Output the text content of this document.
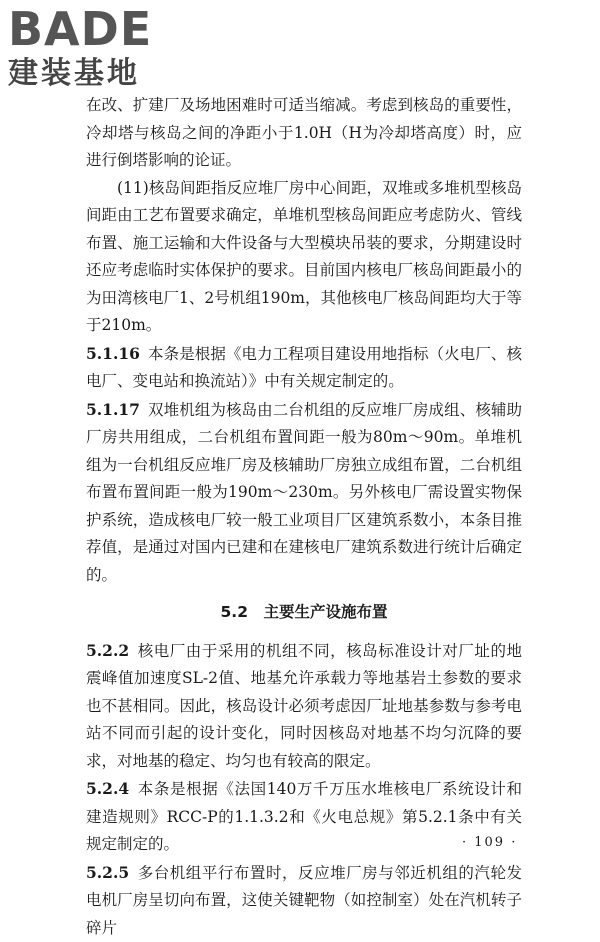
BADE
建装基地

在改、扩建厂及场地困难时可适当缩减。考虑到核岛的重要性，冷却塔与核岛之间的净距小于1.0H（H为冷却塔高度）时，应进行倒塔影响的论证。

(11)核岛间距指反应堆厂房中心间距，双堆或多堆机型核岛间距由工艺布置要求确定，单堆机型核岛间距应考虑防火、管线布置、施工运输和大件设备与大型模块吊装的要求，分期建设时还应考虑临时实体保护的要求。目前国内核电厂核岛间距最小的为田湾核电厂1、2号机组190m，其他核电厂核岛间距均大于等于210m。

5.1.16 本条是根据《电力工程项目建设用地指标（火电厂、核电厂、变电站和换流站）》中有关规定制定的。

5.1.17 双堆机组为核岛由二台机组的反应堆厂房成组、核辅助厂房共用组成，二台机组布置间距一般为80m～90m。单堆机组为一台机组反应堆厂房及核辅助厂房独立成组布置，二台机组布置布置间距一般为190m～230m。另外核电厂需设置实物保护系统，造成核电厂较一般工业项目厂区建筑系数小，本条目推荐值，是通过对国内已建和在建核电厂建筑系数进行统计后确定的。

5.2　主要生产设施布置

5.2.2 核电厂由于采用的机组不同，核岛标准设计对厂址的地震峰值加速度SL-2值、地基允许承载力等地基岩土参数的要求也不甚相同。因此，核岛设计必须考虑因厂址地基参数与参考电站不同而引起的设计变化，同时因核岛对地基不均匀沉降的要求，对地基的稳定、均匀也有较高的限定。

5.2.4 本条是根据《法国140万千万压水堆核电厂系统设计和建造规则》RCC-P的1.1.3.2和《火电总规》第5.2.1条中有关规定制定的。

5.2.5 多台机组平行布置时，反应堆厂房与邻近机组的汽轮发电机厂房呈切向布置，这使关键靶物（如控制室）处在汽机转子碎片

· 109 ·
